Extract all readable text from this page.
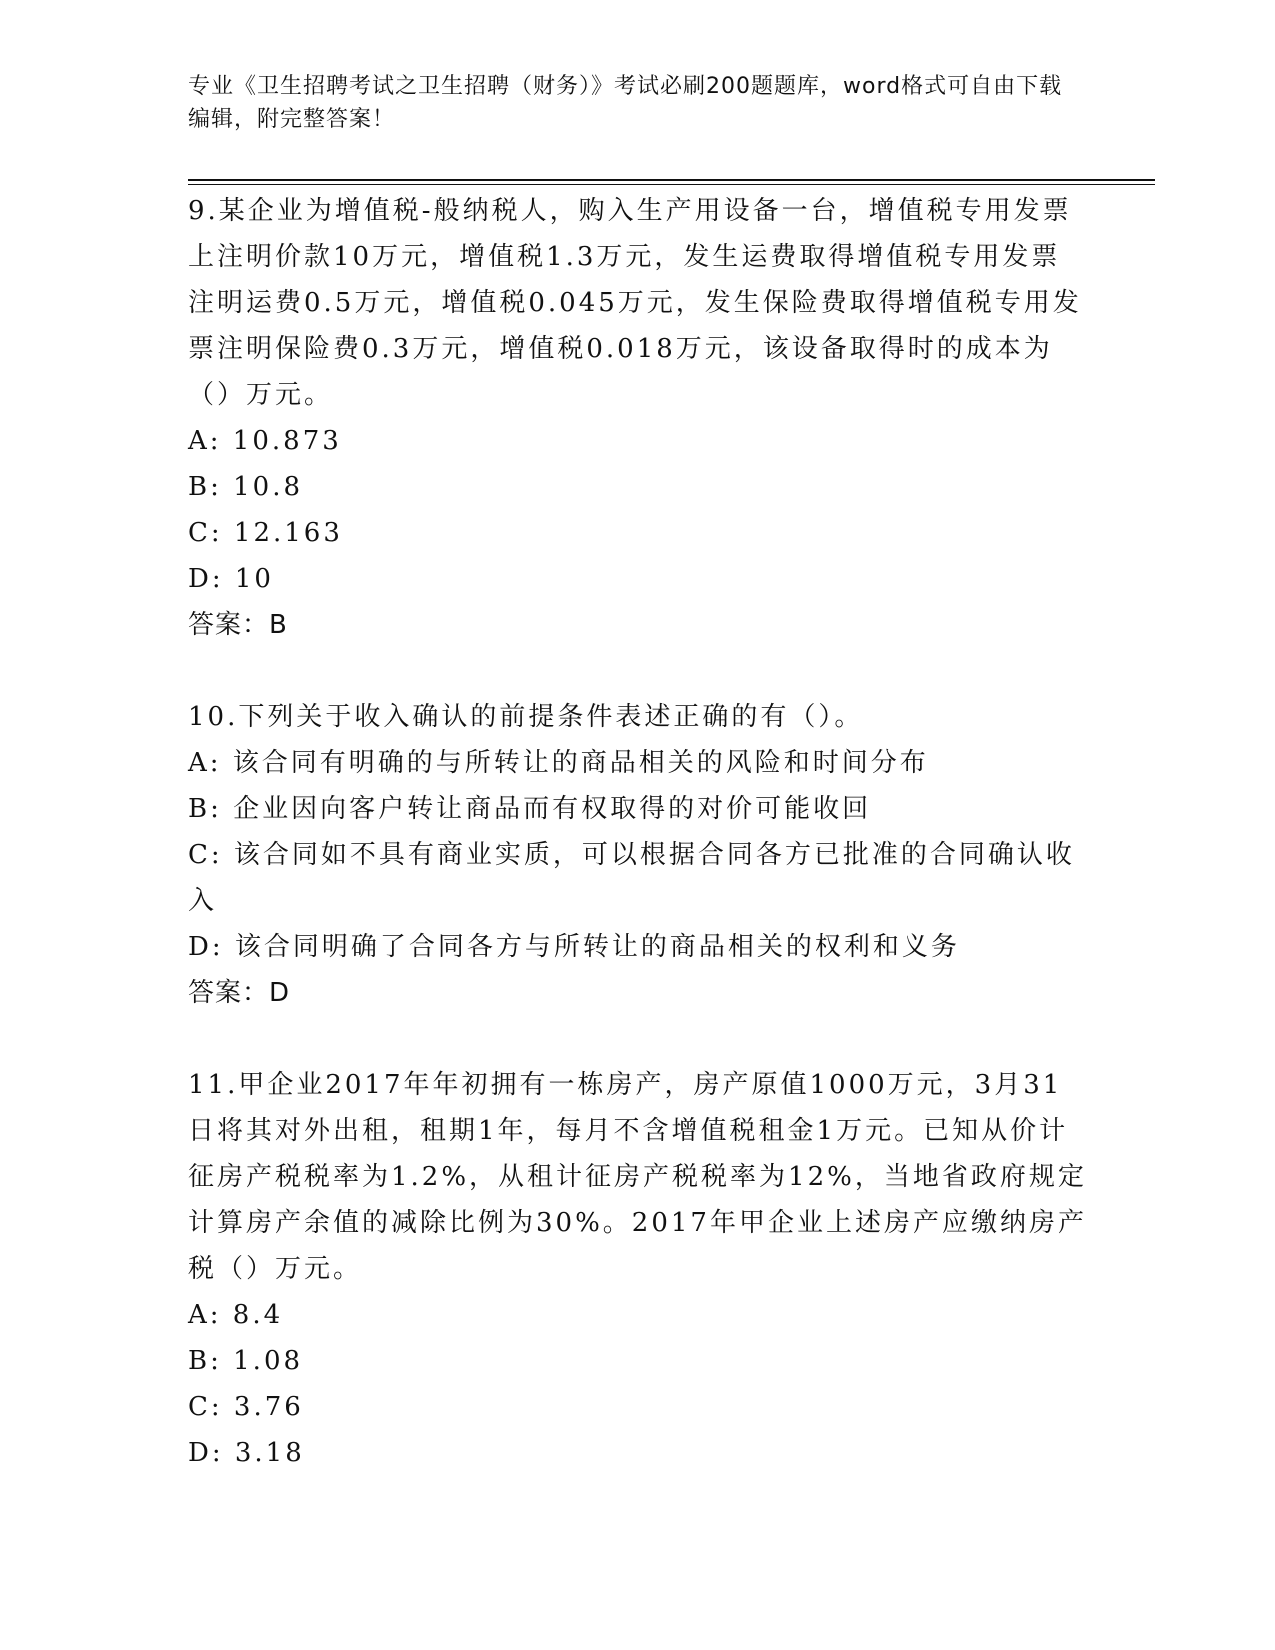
专业《卫生招聘考试之卫生招聘（财务）》考试必刷200题题库，word格式可自由下载编辑，附完整答案！

9.某企业为增值税-般纳税人，购入生产用设备一台，增值税专用发票上注明价款10万元，增值税1.3万元，发生运费取得增值税专用发票注明运费0.5万元，增值税0.045万元，发生保险费取得增值税专用发票注明保险费0.3万元，增值税0.018万元，该设备取得时的成本为（）万元。

A: 10.873

B: 10.8

C: 12.163

D: 10

答案：B

10.下列关于收入确认的前提条件表述正确的有（）。

A: 该合同有明确的与所转让的商品相关的风险和时间分布

B: 企业因向客户转让商品而有权取得的对价可能收回

C: 该合同如不具有商业实质，可以根据合同各方已批准的合同确认收入

D: 该合同明确了合同各方与所转让的商品相关的权利和义务

答案：D

11.甲企业2017年年初拥有一栋房产，房产原值1000万元，3月31日将其对外出租，租期1年，每月不含增值税租金1万元。已知从价计征房产税税率为1.2%，从租计征房产税税率为12%，当地省政府规定计算房产余值的减除比例为30%。2017年甲企业上述房产应缴纳房产税（）万元。

A: 8.4

B: 1.08

C: 3.76

D: 3.18
